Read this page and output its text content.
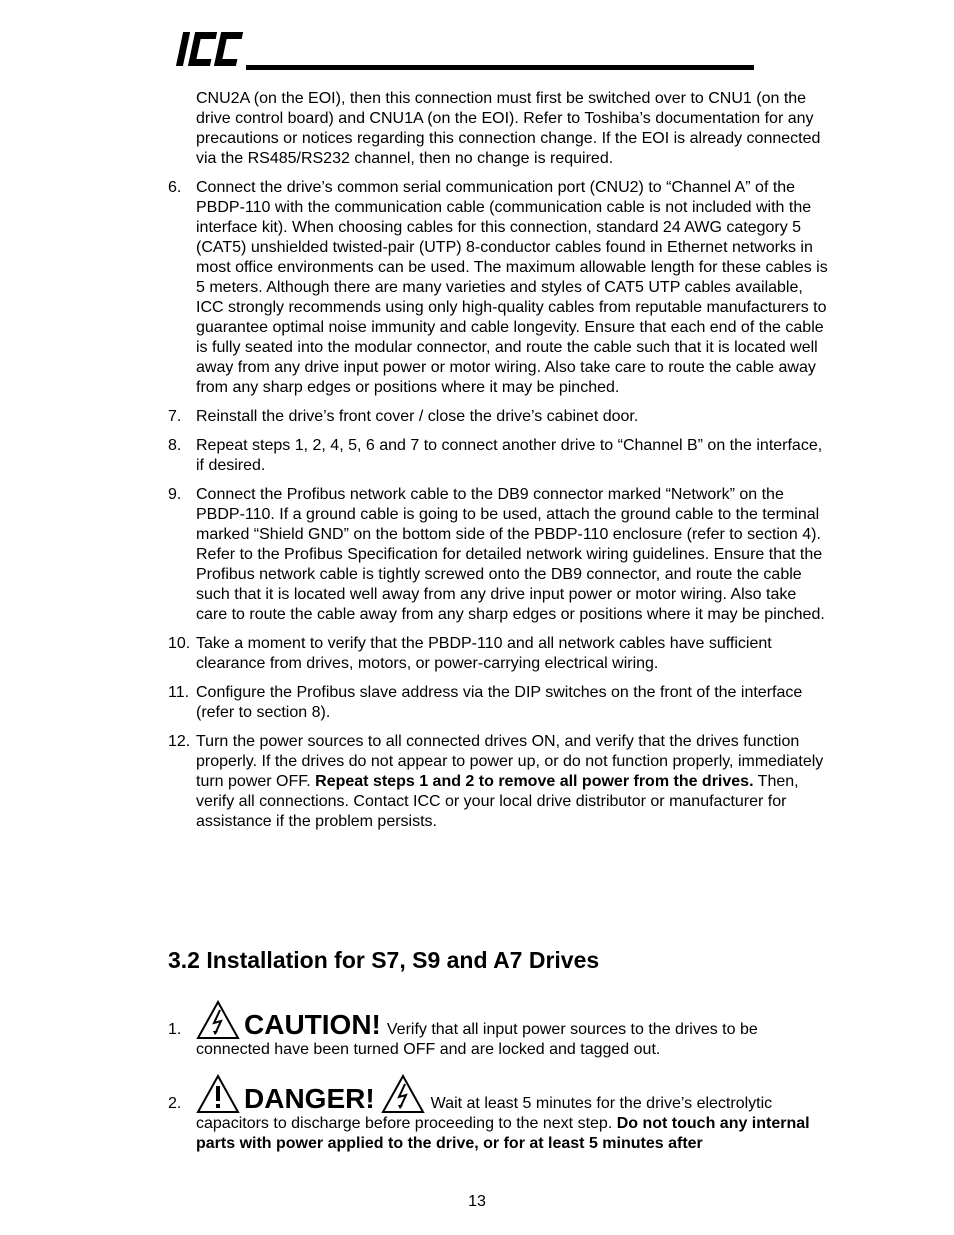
CNU2A (on the EOI), then this connection must first be switched over to CNU1 (on the drive control board) and CNU1A (on the EOI). Refer to Toshiba’s documentation for any precautions or notices regarding this connection change. If the EOI is already connected via the RS485/RS232 channel, then no change is required.

6. Connect the drive’s common serial communication port (CNU2) to “Channel A” of the PBDP-110 with the communication cable (communication cable is not included with the interface kit). When choosing cables for this connection, standard 24 AWG category 5 (CAT5) unshielded twisted-pair (UTP) 8-conductor cables found in Ethernet networks in most office environments can be used. The maximum allowable length for these cables is 5 meters. Although there are many varieties and styles of CAT5 UTP cables available, ICC strongly recommends using only high-quality cables from reputable manufacturers to guarantee optimal noise immunity and cable longevity. Ensure that each end of the cable is fully seated into the modular connector, and route the cable such that it is located well away from any drive input power or motor wiring. Also take care to route the cable away from any sharp edges or positions where it may be pinched.
7. Reinstall the drive’s front cover / close the drive’s cabinet door.
8. Repeat steps 1, 2, 4, 5, 6 and 7 to connect another drive to “Channel B” on the interface, if desired.
9. Connect the Profibus network cable to the DB9 connector marked “Network” on the PBDP-110. If a ground cable is going to be used, attach the ground cable to the terminal marked “Shield GND” on the bottom side of the PBDP-110 enclosure (refer to section 4). Refer to the Profibus Specification for detailed network wiring guidelines. Ensure that the Profibus network cable is tightly screwed onto the DB9 connector, and route the cable such that it is located well away from any drive input power or motor wiring. Also take care to route the cable away from any sharp edges or positions where it may be pinched.
10. Take a moment to verify that the PBDP-110 and all network cables have sufficient clearance from drives, motors, or power-carrying electrical wiring.
11. Configure the Profibus slave address via the DIP switches on the front of the interface (refer to section 8).
12. Turn the power sources to all connected drives ON, and verify that the drives function properly. If the drives do not appear to power up, or do not function properly, immediately turn power OFF. Repeat steps 1 and 2 to remove all power from the drives. Then, verify all connections. Contact ICC or your local drive distributor or manufacturer for assistance if the problem persists.
3.2 Installation for S7, S9 and A7 Drives
1. CAUTION! Verify that all input power sources to the drives to be
connected have been turned OFF and are locked and tagged out.
2. DANGER!	Wait at least 5 minutes for the drive’s electrolytic
capacitors to discharge before proceeding to the next step. Do not touch any internal parts with power applied to the drive, or for at least 5 minutes after
13
